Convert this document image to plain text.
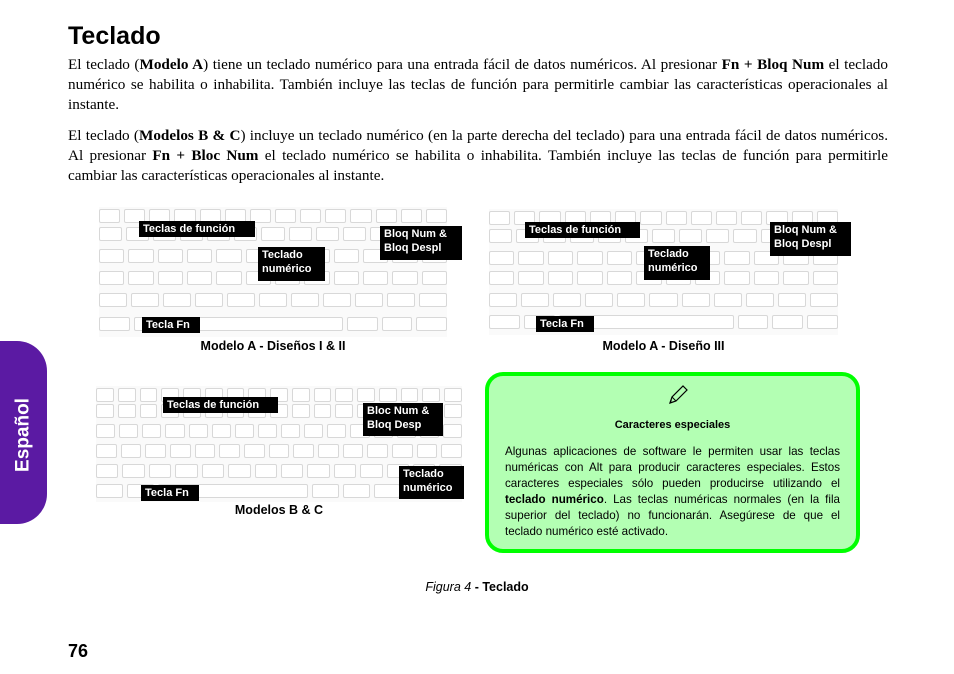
Español
Teclado
El teclado (Modelo A) tiene un teclado numérico para una entrada fácil de datos numéricos. Al presionar Fn + Bloq Num el teclado numérico se habilita o inhabilita. También incluye las teclas de función para permitirle cambiar las características operacionales al instante.
El teclado (Modelos B & C) incluye un teclado numérico (en la parte derecha del teclado) para una entrada fácil de datos numéricos. Al presionar Fn + Bloc Num el teclado numérico se habilita o inhabilita. También incluye las teclas de función para permitirle cambiar las características operacionales al instante.
Teclas de función
Teclado numérico
Bloq Num & Bloq Despl
Tecla Fn
Modelo A - Diseños I & II
Teclas de función
Teclado numérico
Bloq Num & Bloq Despl
Tecla Fn
Modelo A - Diseño III
Teclas de función	Bloc Num & Bloq Desp
Teclado numérico
Tecla Fn
Modelos B & C
Caracteres especiales
Algunas aplicaciones de software le permiten usar las teclas numéricas con Alt para producir caracteres especiales. Estos caracteres especiales sólo pueden producirse utilizando el teclado numérico. Las teclas numéricas normales (en la fila superior del teclado) no funcionarán. Asegúrese de que el teclado numérico esté activado.
Figura 4 - Teclado
76
